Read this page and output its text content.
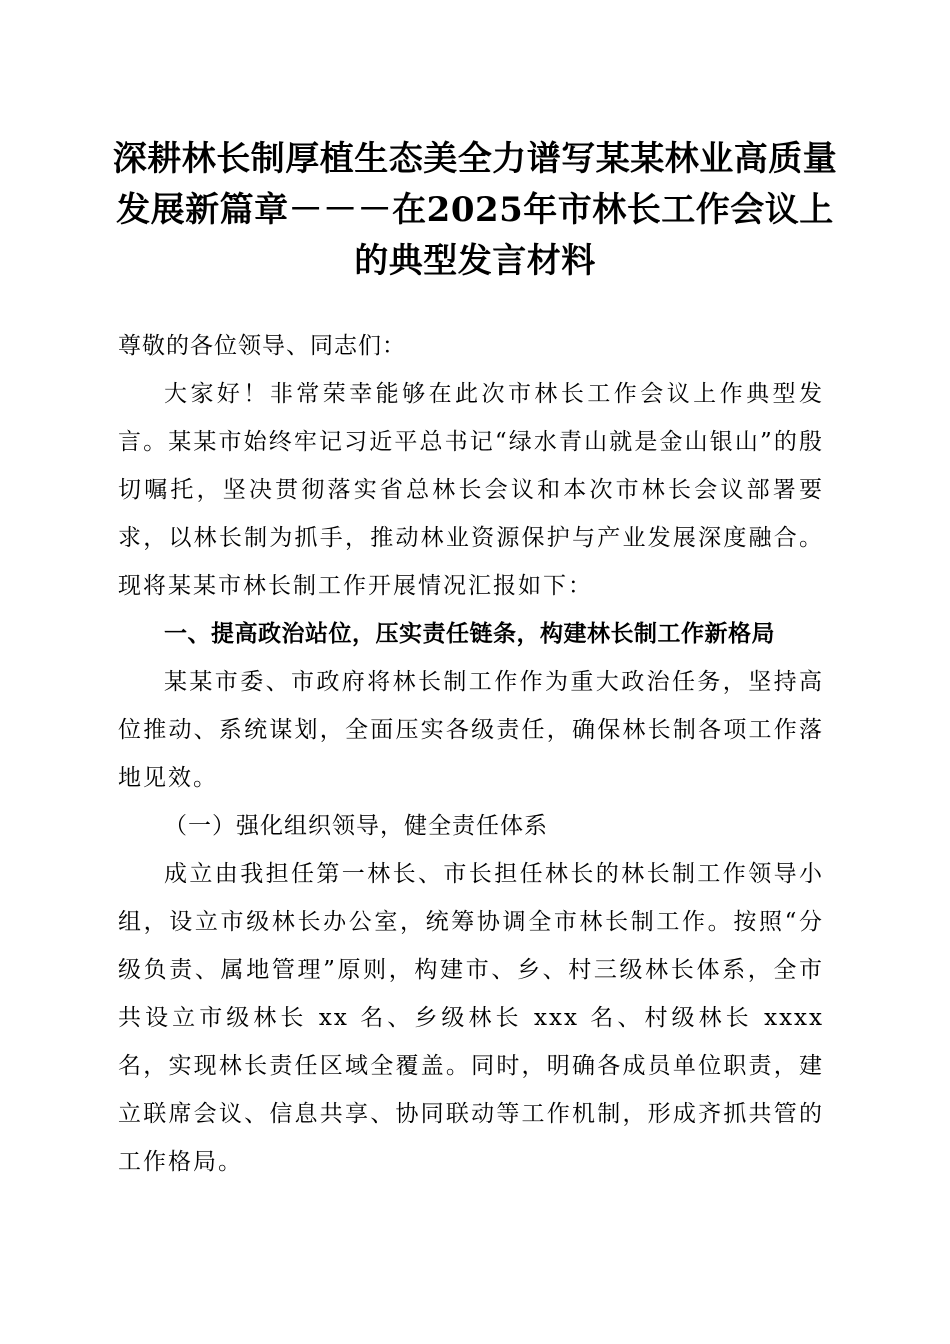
深耕林长制厚植生态美全力谱写某某林业高质量发展新篇章－－－在2025年市林长工作会议上的典型发言材料

尊敬的各位领导、同志们：

大家好！非常荣幸能够在此次市林长工作会议上作典型发言。某某市始终牢记习近平总书记“绿水青山就是金山银山”的殷切嘱托，坚决贯彻落实省总林长会议和本次市林长会议部署要求，以林长制为抓手，推动林业资源保护与产业发展深度融合。现将某某市林长制工作开展情况汇报如下：

一、提高政治站位，压实责任链条，构建林长制工作新格局

某某市委、市政府将林长制工作作为重大政治任务，坚持高位推动、系统谋划，全面压实各级责任，确保林长制各项工作落地见效。

（一）强化组织领导，健全责任体系

成立由我担任第一林长、市长担任林长的林长制工作领导小组，设立市级林长办公室，统筹协调全市林长制工作。按照“分级负责、属地管理”原则，构建市、乡、村三级林长体系，全市共设立市级林长 xx 名、乡级林长 xxx 名、村级林长 xxxx 名，实现林长责任区域全覆盖。同时，明确各成员单位职责，建立联席会议、信息共享、协同联动等工作机制，形成齐抓共管的工作格局。
